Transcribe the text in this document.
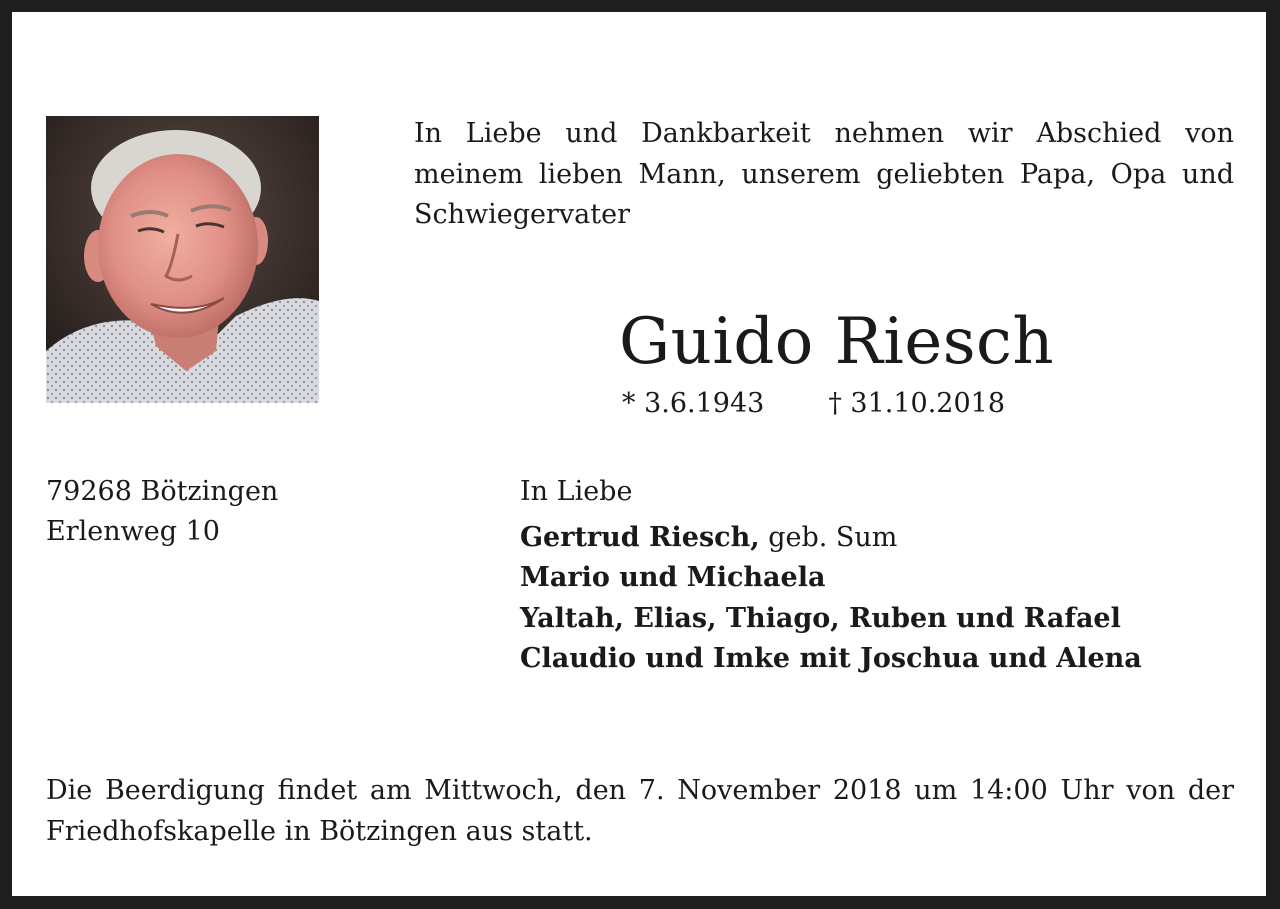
In Liebe und Dankbarkeit nehmen wir Abschied von meinem lieben Mann, unserem geliebten Papa, Opa und Schwiegervater
Guido Riesch
* 3.6.1943 † 31.10.2018
79268 Bötzingen
Erlenweg 10
In Liebe
Gertrud Riesch, geb. Sum
Mario und Michaela
Yaltah, Elias, Thiago, Ruben und Rafael
Claudio und Imke mit Joschua und Alena
Die Beerdigung findet am Mittwoch, den 7. November 2018 um 14:00 Uhr von der Friedhofskapelle in Bötzingen aus statt.
